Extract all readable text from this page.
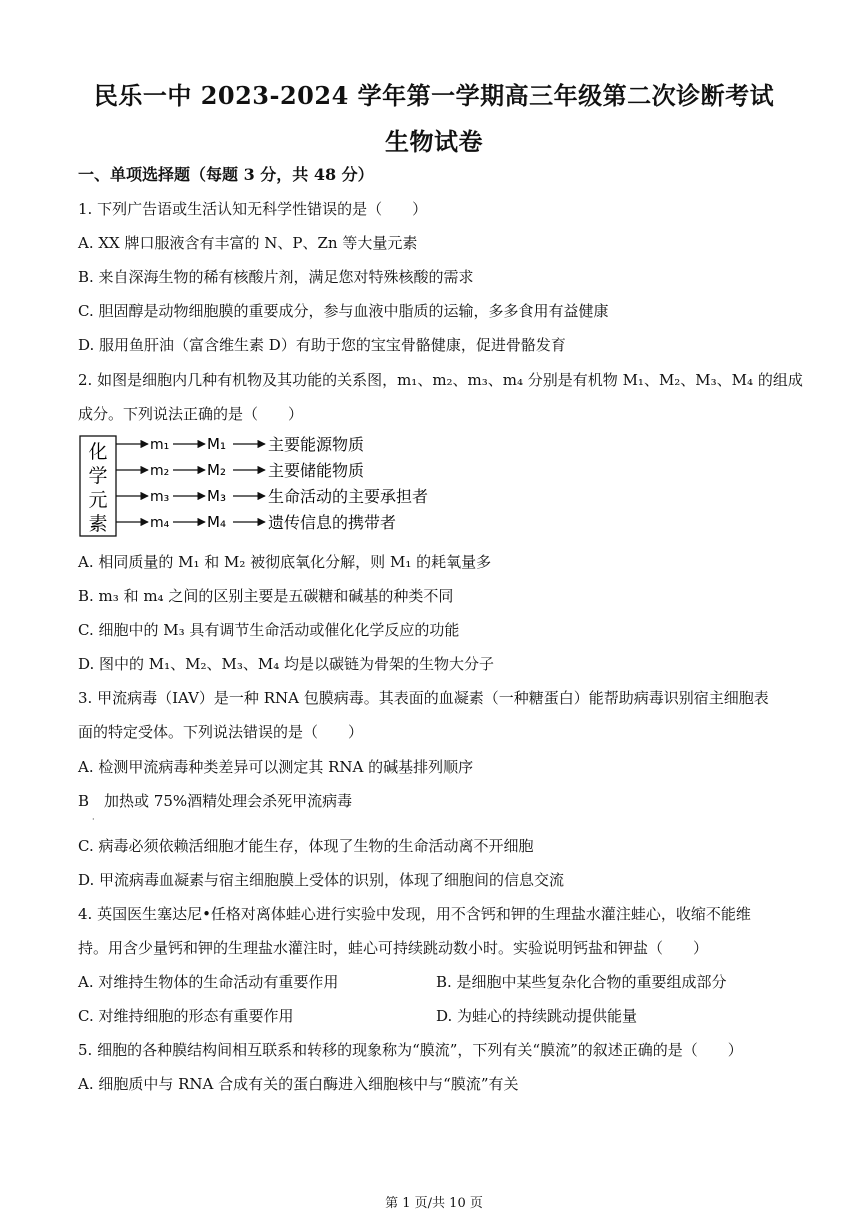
民乐一中 2023-2024 学年第一学期高三年级第二次诊断考试
生物试卷
一、单项选择题（每题 3 分，共 48 分）
1. 下列广告语或生活认知无科学性错误的是（　　）
A. XX 牌口服液含有丰富的 N、P、Zn 等大量元素
B. 来自深海生物的稀有核酸片剂，满足您对特殊核酸的需求
C. 胆固醇是动物细胞膜的重要成分，参与血液中脂质的运输，多多食用有益健康
D. 服用鱼肝油（富含维生素 D）有助于您的宝宝骨骼健康，促进骨骼发育
2. 如图是细胞内几种有机物及其功能的关系图，m₁、m₂、m₃、m₄ 分别是有机物 M₁、M₂、M₃、M₄ 的组成
成分。下列说法正确的是（　　）
化
学
元
素
m₁	M₁	主要能源物质
m₂	M₂	主要储能物质
m₃	M₃	生命活动的主要承担者
m₄	M₄	遗传信息的携带者
A. 相同质量的 M₁ 和 M₂ 被彻底氧化分解，则 M₁ 的耗氧量多
B. m₃ 和 m₄ 之间的区别主要是五碳糖和碱基的种类不同
C. 细胞中的 M₃ 具有调节生命活动或催化化学反应的功能
D. 图中的 M₁、M₂、M₃、M₄ 均是以碳链为骨架的生物大分子
3. 甲流病毒（IAV）是一种 RNA 包膜病毒。其表面的血凝素（一种糖蛋白）能帮助病毒识别宿主细胞表
面的特定受体。下列说法错误的是（　　）
A. 检测甲流病毒种类差异可以测定其 RNA 的碱基排列顺序
B　加热或 75%酒精处理会杀死甲流病毒
·
C. 病毒必须依赖活细胞才能生存，体现了生物的生命活动离不开细胞
D. 甲流病毒血凝素与宿主细胞膜上受体的识别，体现了细胞间的信息交流
4. 英国医生塞达尼•任格对离体蛙心进行实验中发现，用不含钙和钾的生理盐水灌注蛙心，收缩不能维
持。用含少量钙和钾的生理盐水灌注时，蛙心可持续跳动数小时。实验说明钙盐和钾盐（　　）
A. 对维持生物体的生命活动有重要作用	B. 是细胞中某些复杂化合物的重要组成部分
C. 对维持细胞的形态有重要作用	D. 为蛙心的持续跳动提供能量
5. 细胞的各种膜结构间相互联系和转移的现象称为“膜流”，下列有关“膜流”的叙述正确的是（　　）
A. 细胞质中与 RNA 合成有关的蛋白酶进入细胞核中与“膜流”有关
第 1 页/共 10 页
